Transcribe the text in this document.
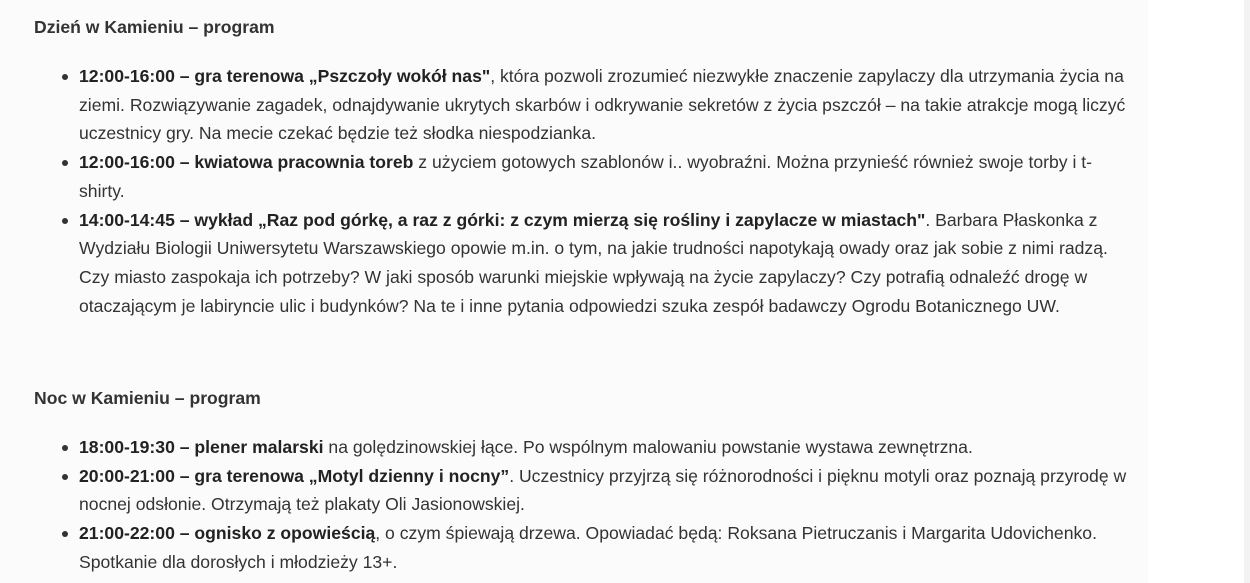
Dzień w Kamieniu – program
12:00-16:00 – gra terenowa „Pszczoły wokół nas", która pozwoli zrozumieć niezwykłe znaczenie zapylaczy dla utrzymania życia na ziemi. Rozwiązywanie zagadek, odnajdywanie ukrytych skarbów i odkrywanie sekretów z życia pszczół – na takie atrakcje mogą liczyć uczestnicy gry. Na mecie czekać będzie też słodka niespodzianka.
12:00-16:00 – kwiatowa pracownia toreb z użyciem gotowych szablonów i.. wyobraźni. Można przynieść również swoje torby i t-shirty.
14:00-14:45 – wykład „Raz pod górkę, a raz z górki: z czym mierzą się rośliny i zapylacze w miastach". Barbara Płaskonka z Wydziału Biologii Uniwersytetu Warszawskiego opowie m.in. o tym, na jakie trudności napotykają owady oraz jak sobie z nimi radzą. Czy miasto zaspokaja ich potrzeby? W jaki sposób warunki miejskie wpływają na życie zapylaczy? Czy potrafią odnaleźć drogę w otaczającym je labiryncie ulic i budynków? Na te i inne pytania odpowiedzi szuka zespół badawczy Ogrodu Botanicznego UW.
Noc w Kamieniu – program
18:00-19:30 – plener malarski na golędzinowskiej łące. Po wspólnym malowaniu powstanie wystawa zewnętrzna.
20:00-21:00 – gra terenowa „Motyl dzienny i nocny”. Uczestnicy przyjrzą się różnorodności i pięknu motyli oraz poznają przyrodę w nocnej odsłonie. Otrzymają też plakaty Oli Jasionowskiej.
21:00-22:00 – ognisko z opowieścią, o czym śpiewają drzewa. Opowiadać będą: Roksana Pietruczanis i Margarita Udovichenko. Spotkanie dla dorosłych i młodzieży 13+.
